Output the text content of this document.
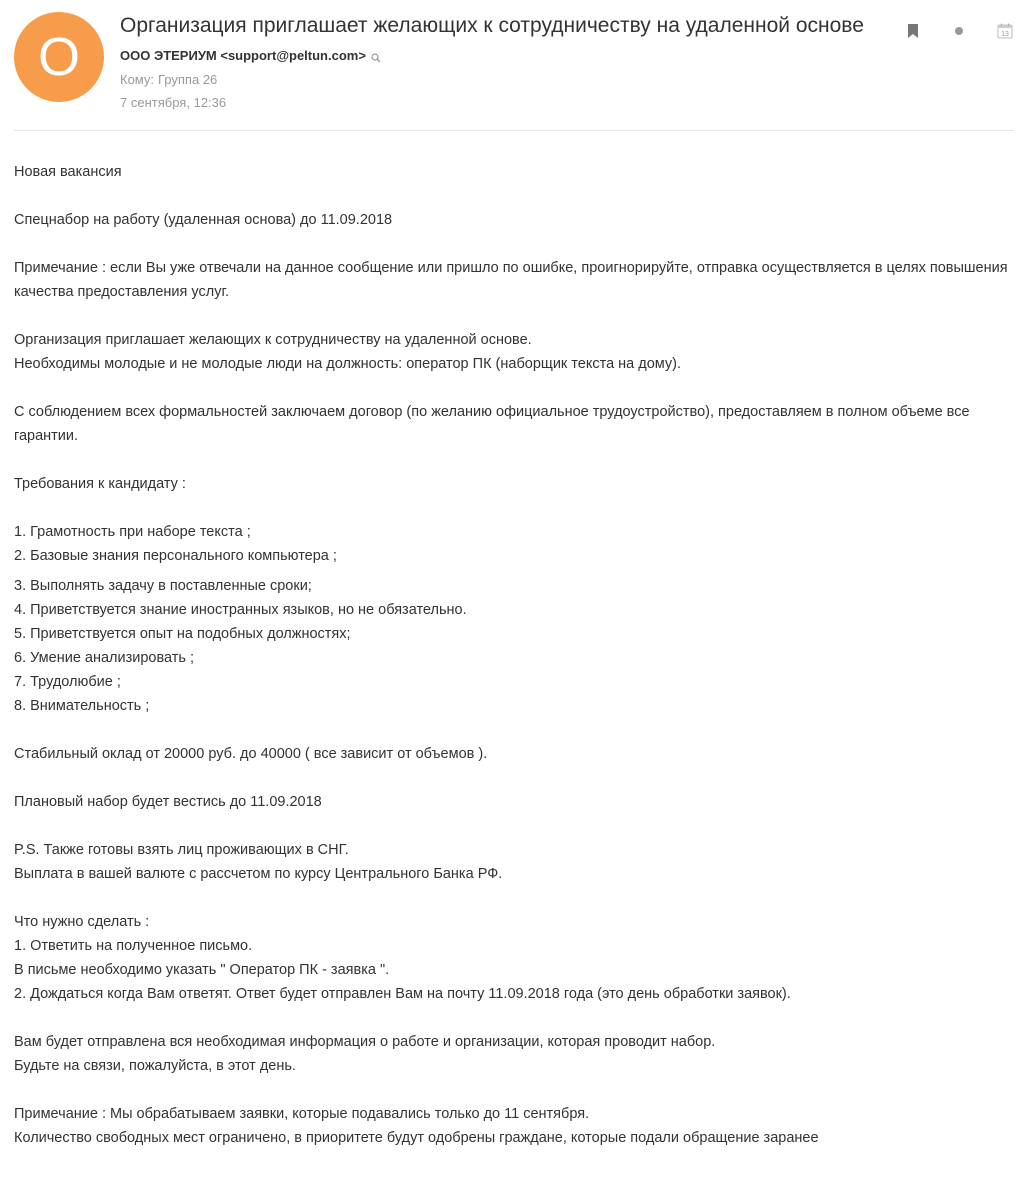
O
Организация приглашает желающих к сотрудничеству на удаленной основе
ООО ЭТЕРИУМ <support@peltun.com>
Кому: Группа 26
7 сентября, 12:36
13

Новая вакансия

Спецнабор на работу (удаленная основа) до 11.09.2018

Примечание : если Вы уже отвечали на данное сообщение или пришло по ошибке, проигнорируйте, отправка осуществляется в целях повышения качества предоставления услуг.

Организация приглашает желающих к сотрудничеству на удаленной основе.
Необходимы молодые и не молодые люди на должность: оператор ПК (наборщик текста на дому).

С соблюдением всех формальностей заключаем договор (по желанию официальное трудоустройство), предоставляем в полном объеме все гарантии.

Требования к кандидату :

1. Грамотность при наборе текста ;
2. Базовые знания персонального компьютера ;
3. Выполнять задачу в поставленные сроки;
4. Приветствуется знание иностранных языков, но не обязательно.
5. Приветствуется опыт на подобных должностях;
6. Умение анализировать ;
7. Трудолюбие ;
8. Внимательность ;

Стабильный оклад от 20000 руб. до 40000 ( все зависит от объемов ).

Плановый набор будет вестись до 11.09.2018

P.S. Также готовы взять лиц проживающих в СНГ.
Выплата в вашей валюте с рассчетом по курсу Центрального Банка РФ.

Что нужно сделать :
1. Ответить на полученное письмо.
В письме необходимо указать " Оператор ПК - заявка ".
2. Дождаться когда Вам ответят. Ответ будет отправлен Вам на почту 11.09.2018 года (это день обработки заявок).

Вам будет отправлена вся необходимая информация о работе и организации, которая проводит набор.
Будьте на связи, пожалуйста, в этот день.

Примечание : Мы обрабатываем заявки, которые подавались только до 11 сентября.
Количество свободных мест ограничено, в приоритете будут одобрены граждане, которые подали обращение заранее
